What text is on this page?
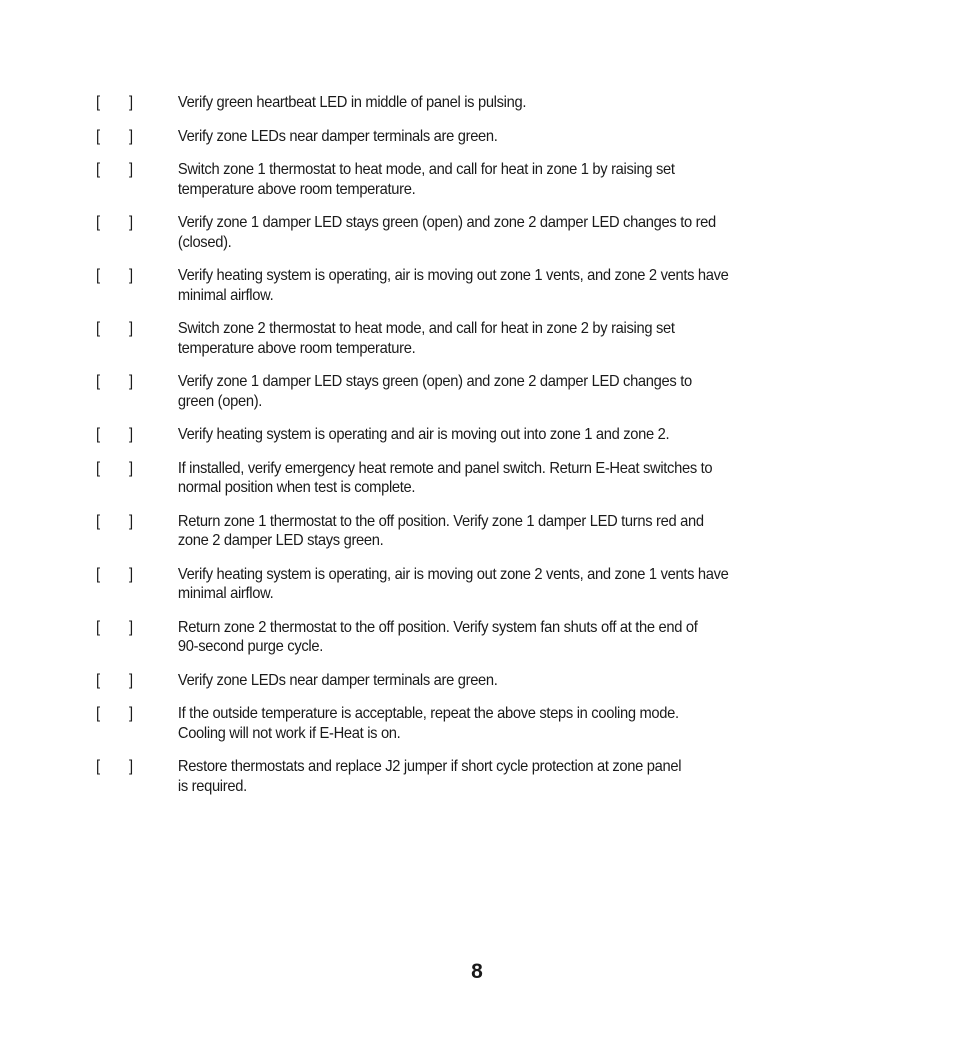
[ ]	Verify green heartbeat LED in middle of panel is pulsing.
[ ]	Verify zone LEDs near damper terminals are green.
[ ]	Switch zone 1 thermostat to heat mode, and call for heat in zone 1 by raising set
temperature above room temperature.
[ ]	Verify zone 1 damper LED stays green (open) and zone 2 damper LED changes to red
(closed).
[ ]	Verify heating system is operating, air is moving out zone 1 vents, and zone 2 vents have
minimal airflow.
[ ]	Switch zone 2 thermostat to heat mode, and call for heat in zone 2 by raising set
temperature above room temperature.
[ ]	Verify zone 1 damper LED stays green (open) and zone 2 damper LED changes to
green (open).
[ ]	Verify heating system is operating and air is moving out into zone 1 and zone 2.
[ ]	If installed, verify emergency heat remote and panel switch. Return E-Heat switches to
normal position when test is complete.
[ ]	Return zone 1 thermostat to the off position. Verify zone 1 damper LED turns red and
zone 2 damper LED stays green.
[ ]	Verify heating system is operating, air is moving out zone 2 vents, and zone 1 vents have
minimal airflow.
[ ]	Return zone 2 thermostat to the off position. Verify system fan shuts off at the end of
90-second purge cycle.
[ ]	Verify zone LEDs near damper terminals are green.
[ ]	If the outside temperature is acceptable, repeat the above steps in cooling mode.
Cooling will not work if E-Heat is on.
[ ]	Restore thermostats and replace J2 jumper if short cycle protection at zone panel
is required.
8
